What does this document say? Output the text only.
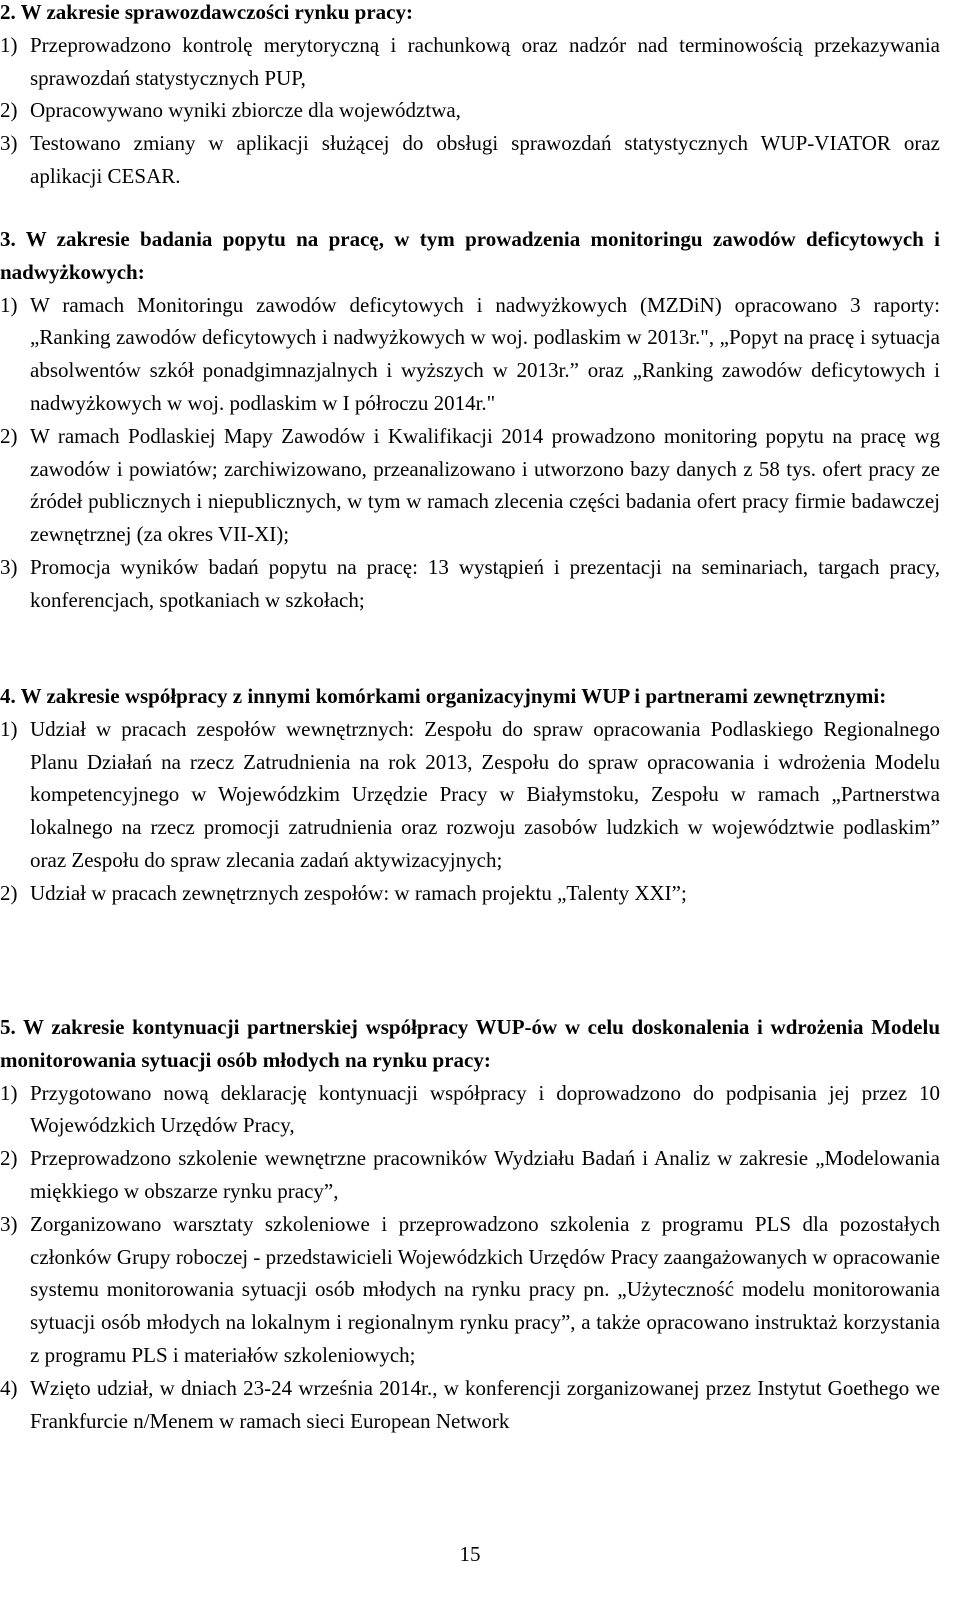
2. W zakresie sprawozdawczości rynku pracy:

1) Przeprowadzono kontrolę merytoryczną i rachunkową oraz nadzór nad terminowością przekazywania sprawozdań statystycznych PUP,

2) Opracowywano wyniki zbiorcze dla województwa,

3) Testowano zmiany w aplikacji służącej do obsługi sprawozdań statystycznych WUP-VIATOR oraz aplikacji CESAR.

3. W zakresie badania popytu na pracę, w tym prowadzenia monitoringu zawodów deficytowych i nadwyżkowych:

1) W ramach Monitoringu zawodów deficytowych i nadwyżkowych (MZDiN) opracowano 3 raporty: „Ranking zawodów deficytowych i nadwyżkowych w woj. podlaskim w 2013r.", „Popyt na pracę i sytuacja absolwentów szkół ponadgimnazjalnych i wyższych w 2013r.” oraz „Ranking zawodów deficytowych i nadwyżkowych w woj. podlaskim w I półroczu 2014r."

2) W ramach Podlaskiej Mapy Zawodów i Kwalifikacji 2014 prowadzono monitoring popytu na pracę wg zawodów i powiatów; zarchiwizowano, przeanalizowano i utworzono bazy danych z 58 tys. ofert pracy ze źródeł publicznych i niepublicznych, w tym w ramach zlecenia części badania ofert pracy firmie badawczej zewnętrznej (za okres VII-XI);

3) Promocja wyników badań popytu na pracę: 13 wystąpień i prezentacji na seminariach, targach pracy, konferencjach, spotkaniach w szkołach;

4. W zakresie współpracy z innymi komórkami organizacyjnymi WUP i partnerami zewnętrznymi:

1) Udział w pracach zespołów wewnętrznych: Zespołu do spraw opracowania Podlaskiego Regionalnego Planu Działań na rzecz Zatrudnienia na rok 2013, Zespołu do spraw opracowania i wdrożenia Modelu kompetencyjnego w Wojewódzkim Urzędzie Pracy w Białymstoku, Zespołu w ramach „Partnerstwa lokalnego na rzecz promocji zatrudnienia oraz rozwoju zasobów ludzkich w województwie podlaskim” oraz Zespołu do spraw zlecania zadań aktywizacyjnych;

2) Udział w pracach zewnętrznych zespołów: w ramach projektu „Talenty XXI”;

5. W zakresie kontynuacji partnerskiej współpracy WUP-ów w celu doskonalenia i wdrożenia Modelu monitorowania sytuacji osób młodych na rynku pracy:

1) Przygotowano nową deklarację kontynuacji współpracy i doprowadzono do podpisania jej przez 10 Wojewódzkich Urzędów Pracy,

2) Przeprowadzono szkolenie wewnętrzne pracowników Wydziału Badań i Analiz w zakresie „Modelowania miękkiego w obszarze rynku pracy”,

3) Zorganizowano warsztaty szkoleniowe i przeprowadzono szkolenia z programu PLS dla pozostałych członków Grupy roboczej - przedstawicieli Wojewódzkich Urzędów Pracy zaangażowanych w opracowanie systemu monitorowania sytuacji osób młodych na rynku pracy pn. „Użyteczność modelu monitorowania sytuacji osób młodych na lokalnym i regionalnym rynku pracy”, a także opracowano instruktaż korzystania z programu PLS i materiałów szkoleniowych;

4) Wzięto udział, w dniach 23-24 września 2014r., w konferencji zorganizowanej przez Instytut Goethego we Frankfurcie n/Menem w ramach sieci European Network

15
